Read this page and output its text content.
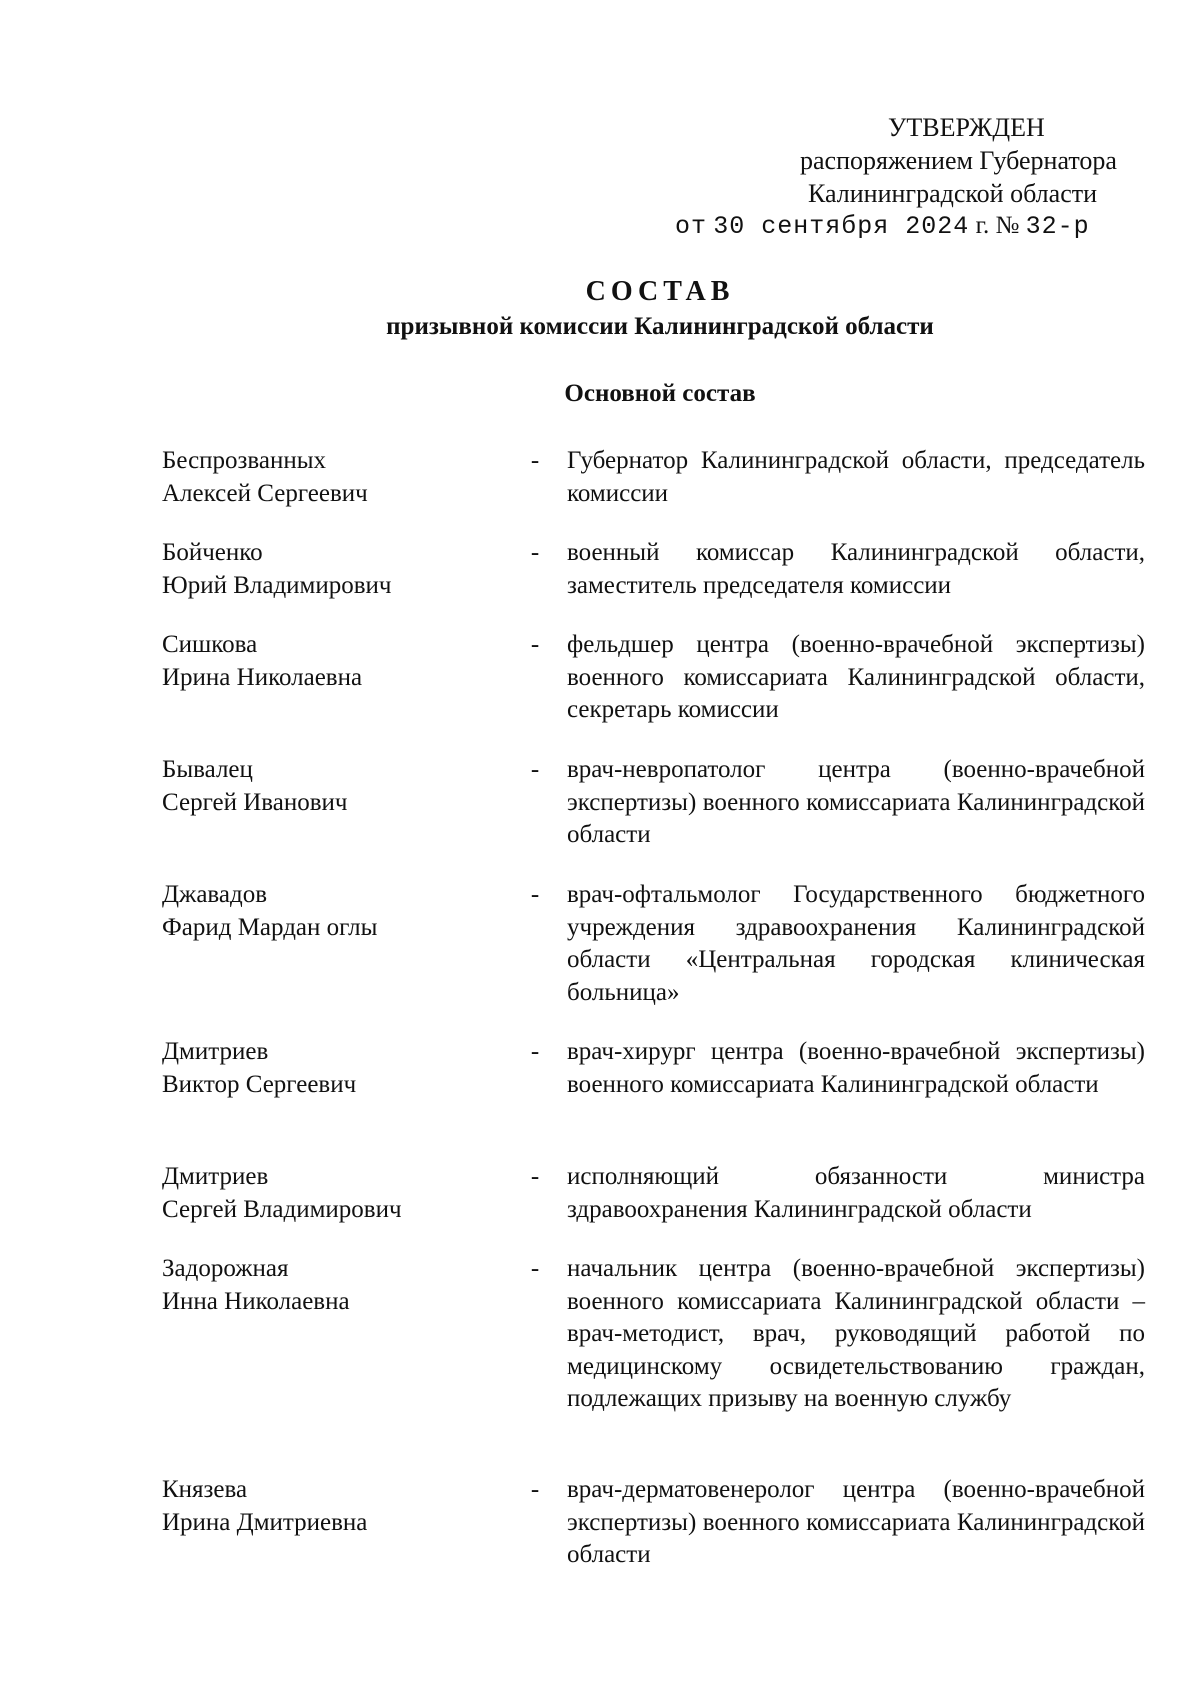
УТВЕРЖДЕН
распоряжением Губернатора
Калининградской области
от 30 сентября 2024 г. № 32-р
СОСТАВ
призывной комиссии Калининградской области
Основной состав
Беспрозванных
Алексей Сергеевич
- Губернатор Калининградской области, председатель комиссии
Бойченко
Юрий Владимирович
- военный комиссар Калининградской области, заместитель председателя комиссии
Сишкова
Ирина Николаевна
- фельдшер центра (военно-врачебной экспертизы) военного комиссариата Калининградской области, секретарь комиссии
Бывалец
Сергей Иванович
- врач-невропатолог центра (военно-врачебной экспертизы) военного комиссариата Калининградской области
Джавадов
Фарид Мардан оглы
- врач-офтальмолог Государственного бюджетного учреждения здравоохранения Калининградской области «Центральная городская клиническая больница»
Дмитриев
Виктор Сергеевич
- врач-хирург центра (военно-врачебной экспертизы) военного комиссариата Калининградской области
Дмитриев
Сергей Владимирович
- исполняющий обязанности министра здравоохранения Калининградской области
Задорожная
Инна Николаевна
- начальник центра (военно-врачебной экспертизы) военного комиссариата Калининградской области – врач-методист, врач, руководящий работой по медицинскому освидетельствованию граждан, подлежащих призыву на военную службу
Князева
Ирина Дмитриевна
- врач-дерматовенеролог центра (военно-врачебной экспертизы) военного комиссариата Калининградской области
